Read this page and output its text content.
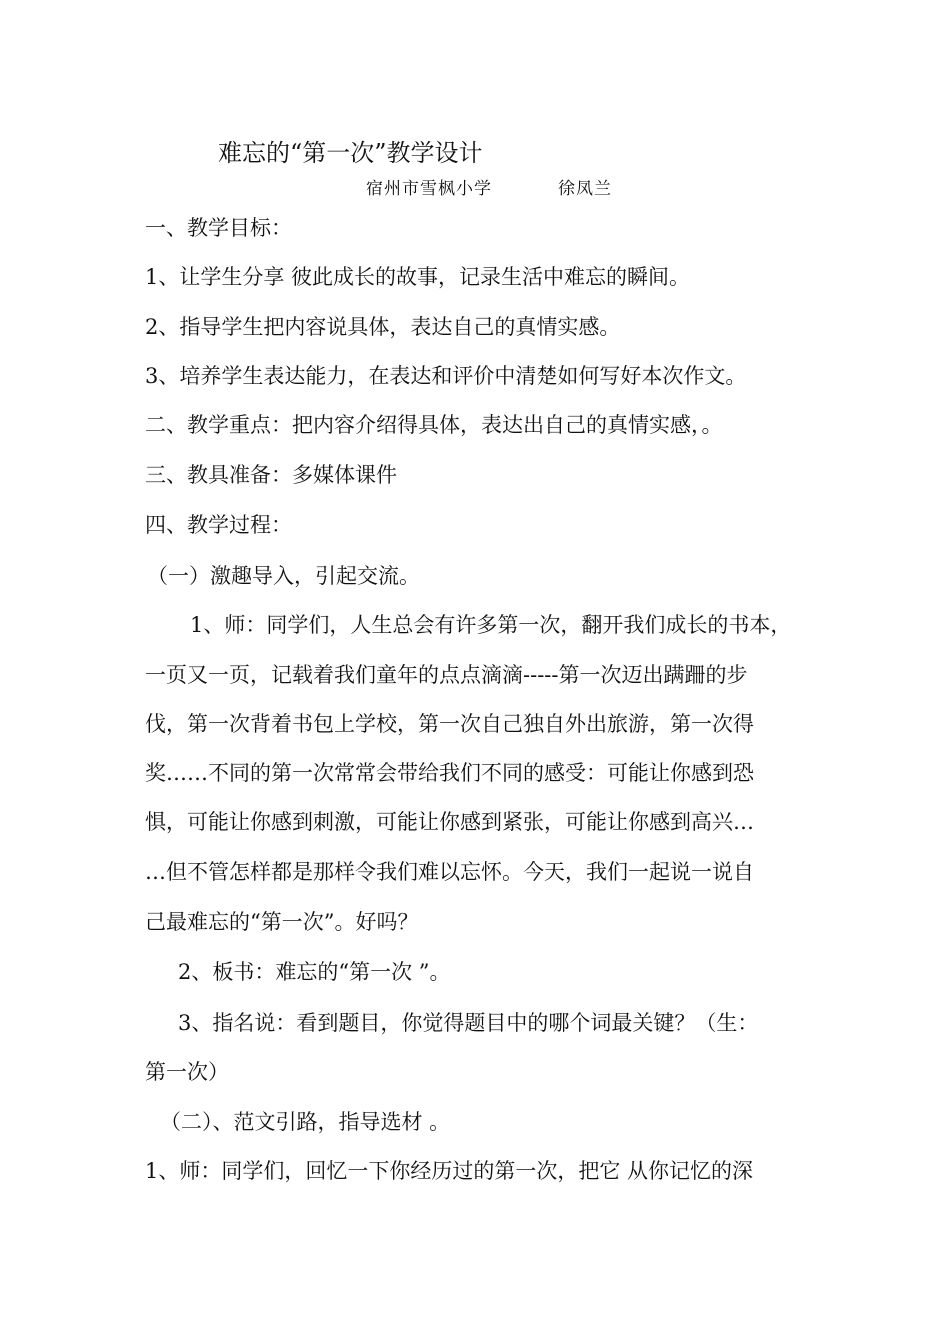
难忘的“第一次”教学设计
宿州市雪枫小学	徐凤兰
一、教学目标：
1、让学生分享 彼此成长的故事，记录生活中难忘的瞬间。
2、指导学生把内容说具体，表达自己的真情实感。
3、培养学生表达能力，在表达和评价中清楚如何写好本次作文。
二、教学重点：把内容介绍得具体，表达出自己的真情实感，。
三、教具准备：多媒体课件
四、教学过程：
（一）激趣导入，引起交流。
1、师：同学们，人生总会有许多第一次，翻开我们成长的书本，
一页又一页，记载着我们童年的点点滴滴-----第一次迈出蹒跚的步
伐，第一次背着书包上学校，第一次自己独自外出旅游，第一次得
奖……不同的第一次常常会带给我们不同的感受：可能让你感到恐
惧，可能让你感到刺激，可能让你感到紧张，可能让你感到高兴…
…但不管怎样都是那样令我们难以忘怀。今天，我们一起说一说自
己最难忘的“第一次”。好吗？
2、板书：难忘的“第一次 ”。
3、指名说：看到题目，你觉得题目中的哪个词最关键？（生：
第一次）
（二）、范文引路，指导选材 。
1、师：同学们，回忆一下你经历过的第一次，把它 从你记忆的深
